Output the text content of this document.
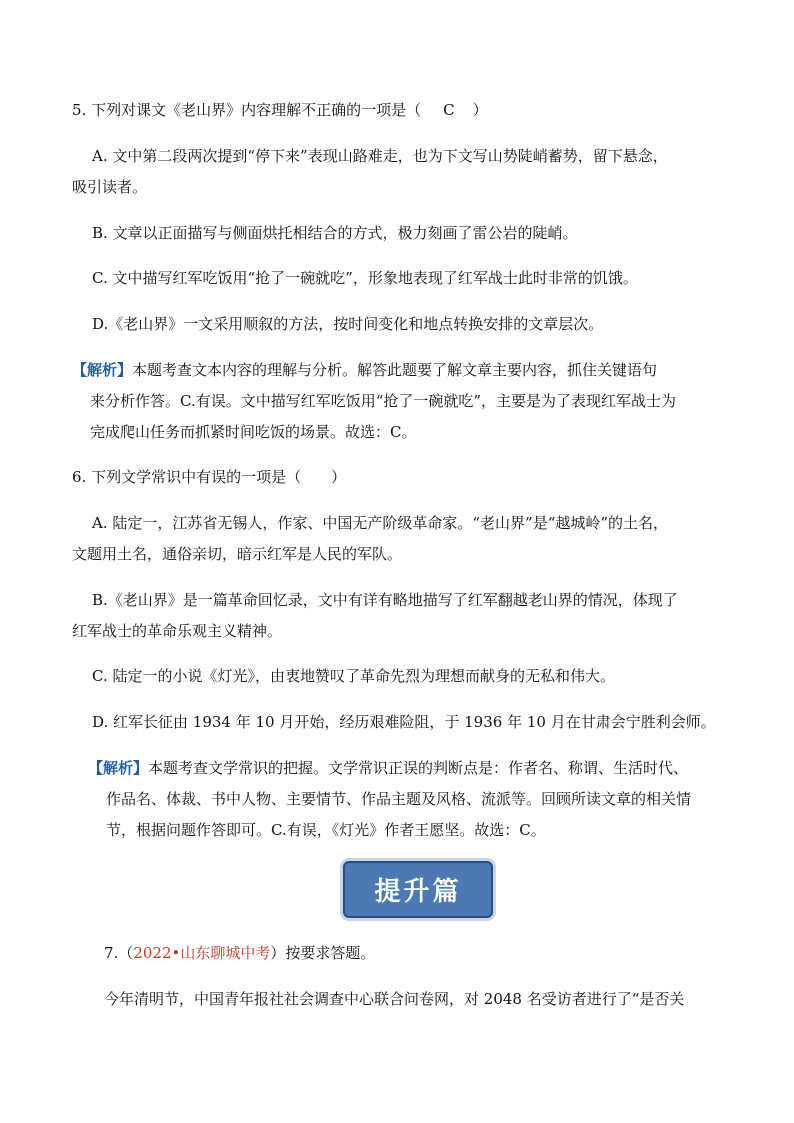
5. 下列对课文《老山界》内容理解不正确的一项是（ C ）
A. 文中第二段两次提到“停下来”表现山路难走，也为下文写山势陡峭蓄势，留下悬念，
吸引读者。
B. 文章以正面描写与侧面烘托相结合的方式，极力刻画了雷公岩的陡峭。
C. 文中描写红军吃饭用“抢了一碗就吃”，形象地表现了红军战士此时非常的饥饿。
D.《老山界》一文采用顺叙的方法，按时间变化和地点转换安排的文章层次。
【解析】本题考查文本内容的理解与分析。解答此题要了解文章主要内容，抓住关键语句
来分析作答。C.有误。文中描写红军吃饭用“抢了一碗就吃”，主要是为了表现红军战士为
完成爬山任务而抓紧时间吃饭的场景。故选：C。
6. 下列文学常识中有误的一项是（　　）
A. 陆定一，江苏省无锡人，作家、中国无产阶级革命家。“老山界”是“越城岭”的土名，
文题用土名，通俗亲切，暗示红军是人民的军队。
B.《老山界》是一篇革命回忆录，文中有详有略地描写了红军翻越老山界的情况，体现了
红军战士的革命乐观主义精神。
C. 陆定一的小说《灯光》，由衷地赞叹了革命先烈为理想而献身的无私和伟大。
D. 红军长征由 1934 年 10 月开始，经历艰难险阻，于 1936 年 10 月在甘肃会宁胜利会师。
【解析】本题考查文学常识的把握。文学常识正误的判断点是：作者名、称谓、生活时代、
作品名、体裁、书中人物、主要情节、作品主题及风格、流派等。回顾所读文章的相关情
节，根据问题作答即可。C.有误，《灯光》作者王愿坚。故选：C。
提升篇
7.（2022•山东聊城中考）按要求答题。
今年清明节，中国青年报社社会调查中心联合问卷网，对 2048 名受访者进行了“是否关
